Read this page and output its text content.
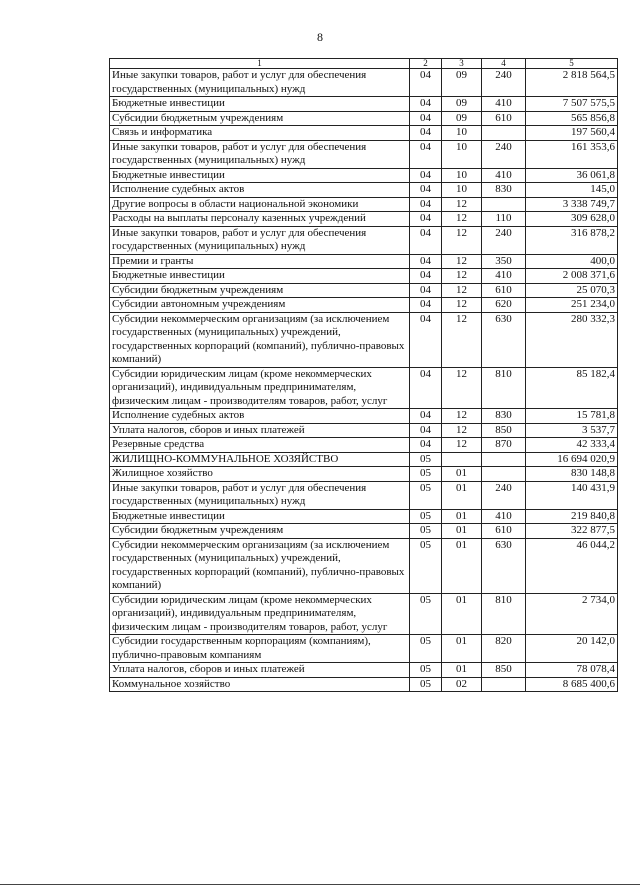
8
1	2	3	4	5
Иные закупки товаров, работ и услуг для обеспечения государственных (муниципальных) нужд	04	09	240	2 818 564,5
Бюджетные инвестиции	04	09	410	7 507 575,5
Субсидии бюджетным учреждениям	04	09	610	565 856,8
Связь и информатика	04	10		197 560,4
Иные закупки товаров, работ и услуг для обеспечения государственных (муниципальных) нужд	04	10	240	161 353,6
Бюджетные инвестиции	04	10	410	36 061,8
Исполнение судебных актов	04	10	830	145,0
Другие вопросы в области национальной экономики	04	12		3 338 749,7
Расходы на выплаты персоналу казенных учреждений	04	12	110	309 628,0
Иные закупки товаров, работ и услуг для обеспечения государственных (муниципальных) нужд	04	12	240	316 878,2
Премии и гранты	04	12	350	400,0
Бюджетные инвестиции	04	12	410	2 008 371,6
Субсидии бюджетным учреждениям	04	12	610	25 070,3
Субсидии автономным учреждениям	04	12	620	251 234,0
Субсидии некоммерческим организациям (за исключением государственных (муниципальных) учреждений, государственных корпораций (компаний), публично-правовых компаний)	04	12	630	280 332,3
Субсидии юридическим лицам (кроме некоммерческих организаций), индивидуальным предпринимателям, физическим лицам - производителям товаров, работ, услуг	04	12	810	85 182,4
Исполнение судебных актов	04	12	830	15 781,8
Уплата налогов, сборов и иных платежей	04	12	850	3 537,7
Резервные средства	04	12	870	42 333,4
ЖИЛИЩНО-КОММУНАЛЬНОЕ ХОЗЯЙСТВО	05			16 694 020,9
Жилищное хозяйство	05	01		830 148,8
Иные закупки товаров, работ и услуг для обеспечения государственных (муниципальных) нужд	05	01	240	140 431,9
Бюджетные инвестиции	05	01	410	219 840,8
Субсидии бюджетным учреждениям	05	01	610	322 877,5
Субсидии некоммерческим организациям (за исключением государственных (муниципальных) учреждений, государственных корпораций (компаний), публично-правовых компаний)	05	01	630	46 044,2
Субсидии юридическим лицам (кроме некоммерческих организаций), индивидуальным предпринимателям, физическим лицам - производителям товаров, работ, услуг	05	01	810	2 734,0
Субсидии государственным корпорациям (компаниям), публично-правовым компаниям	05	01	820	20 142,0
Уплата налогов, сборов и иных платежей	05	01	850	78 078,4
Коммунальное хозяйство	05	02		8 685 400,6
